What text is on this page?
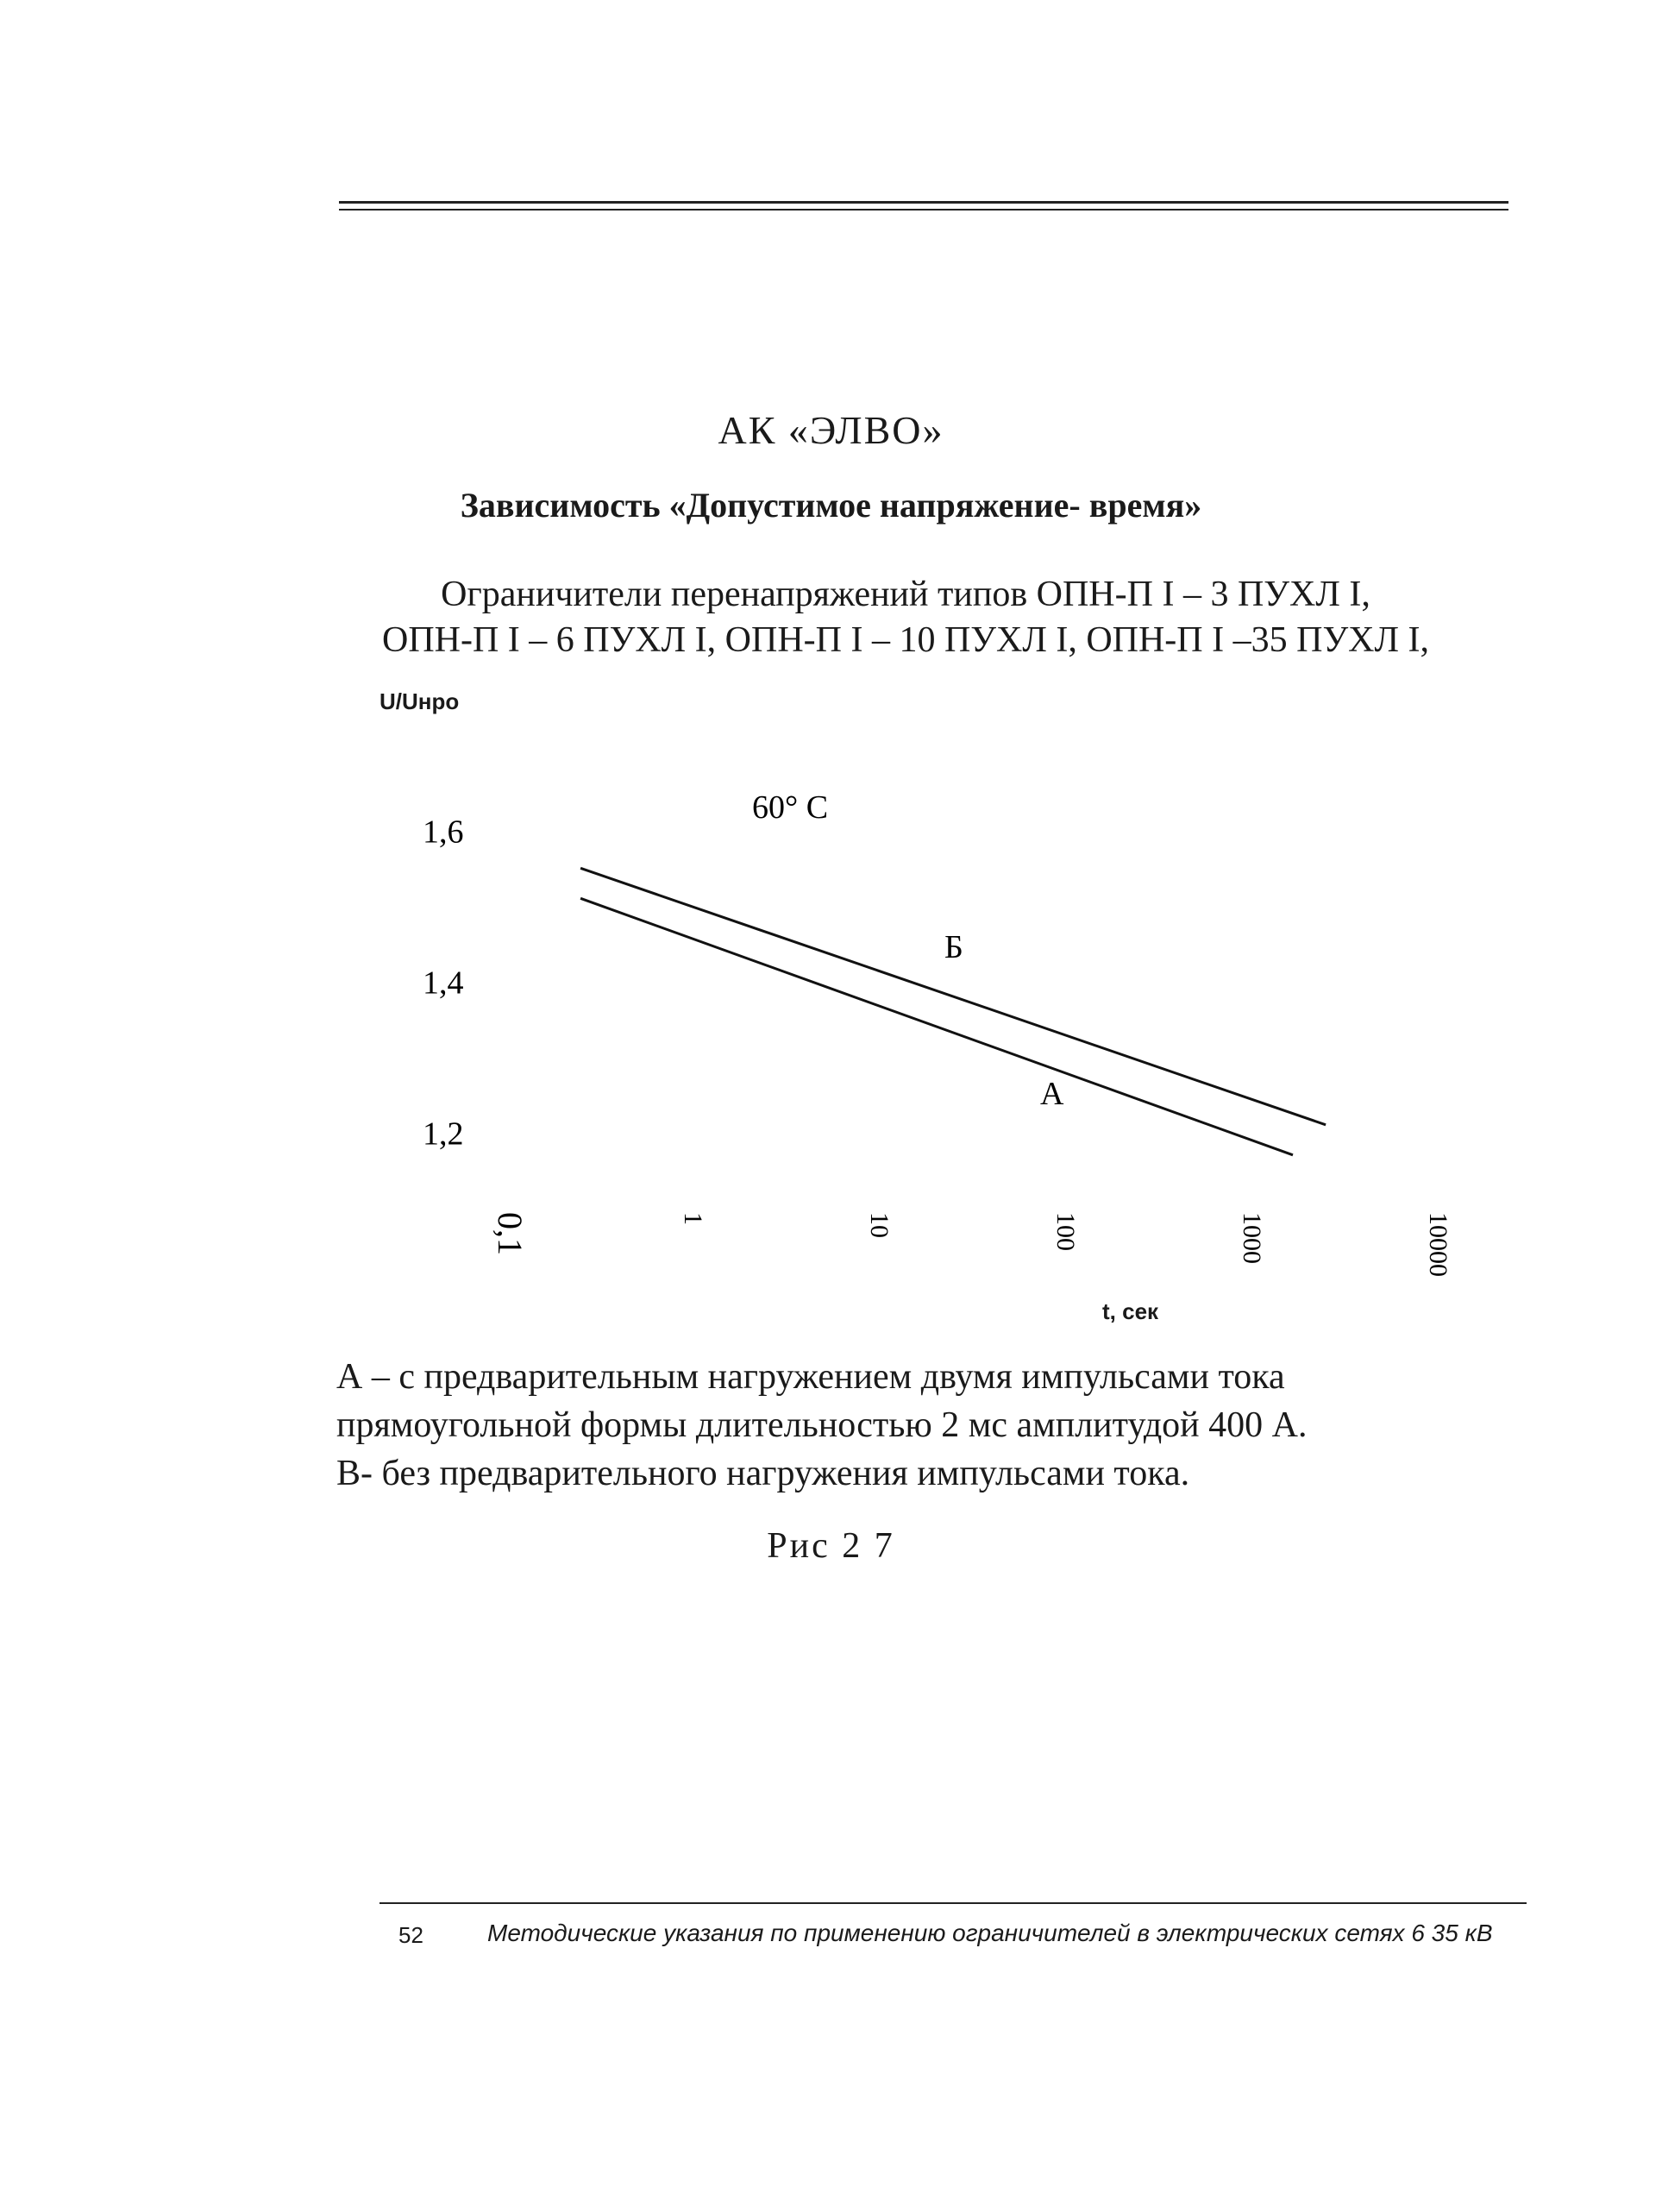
АК «ЭЛВО»
Зависимость «Допустимое напряжение- время»
Ограничители перенапряжений типов ОПН-П I – 3 ПУХЛ I,
ОПН-П I – 6 ПУХЛ I, ОПН-П I – 10 ПУХЛ I, ОПН-П I –35 ПУХЛ I,
U/Uнро
60° С
1,6
1,4
1,2
0,1	1	10	100	1000	10000
Б
А
t, сек
А – с предварительным нагружением двумя импульсами тока
прямоугольной формы длительностью 2 мс амплитудой 400 А.
В- без предварительного нагружения импульсами тока.
Рис 2 7
52	Методические указания по применению ограничителей в электрических сетях 6 35 кВ
